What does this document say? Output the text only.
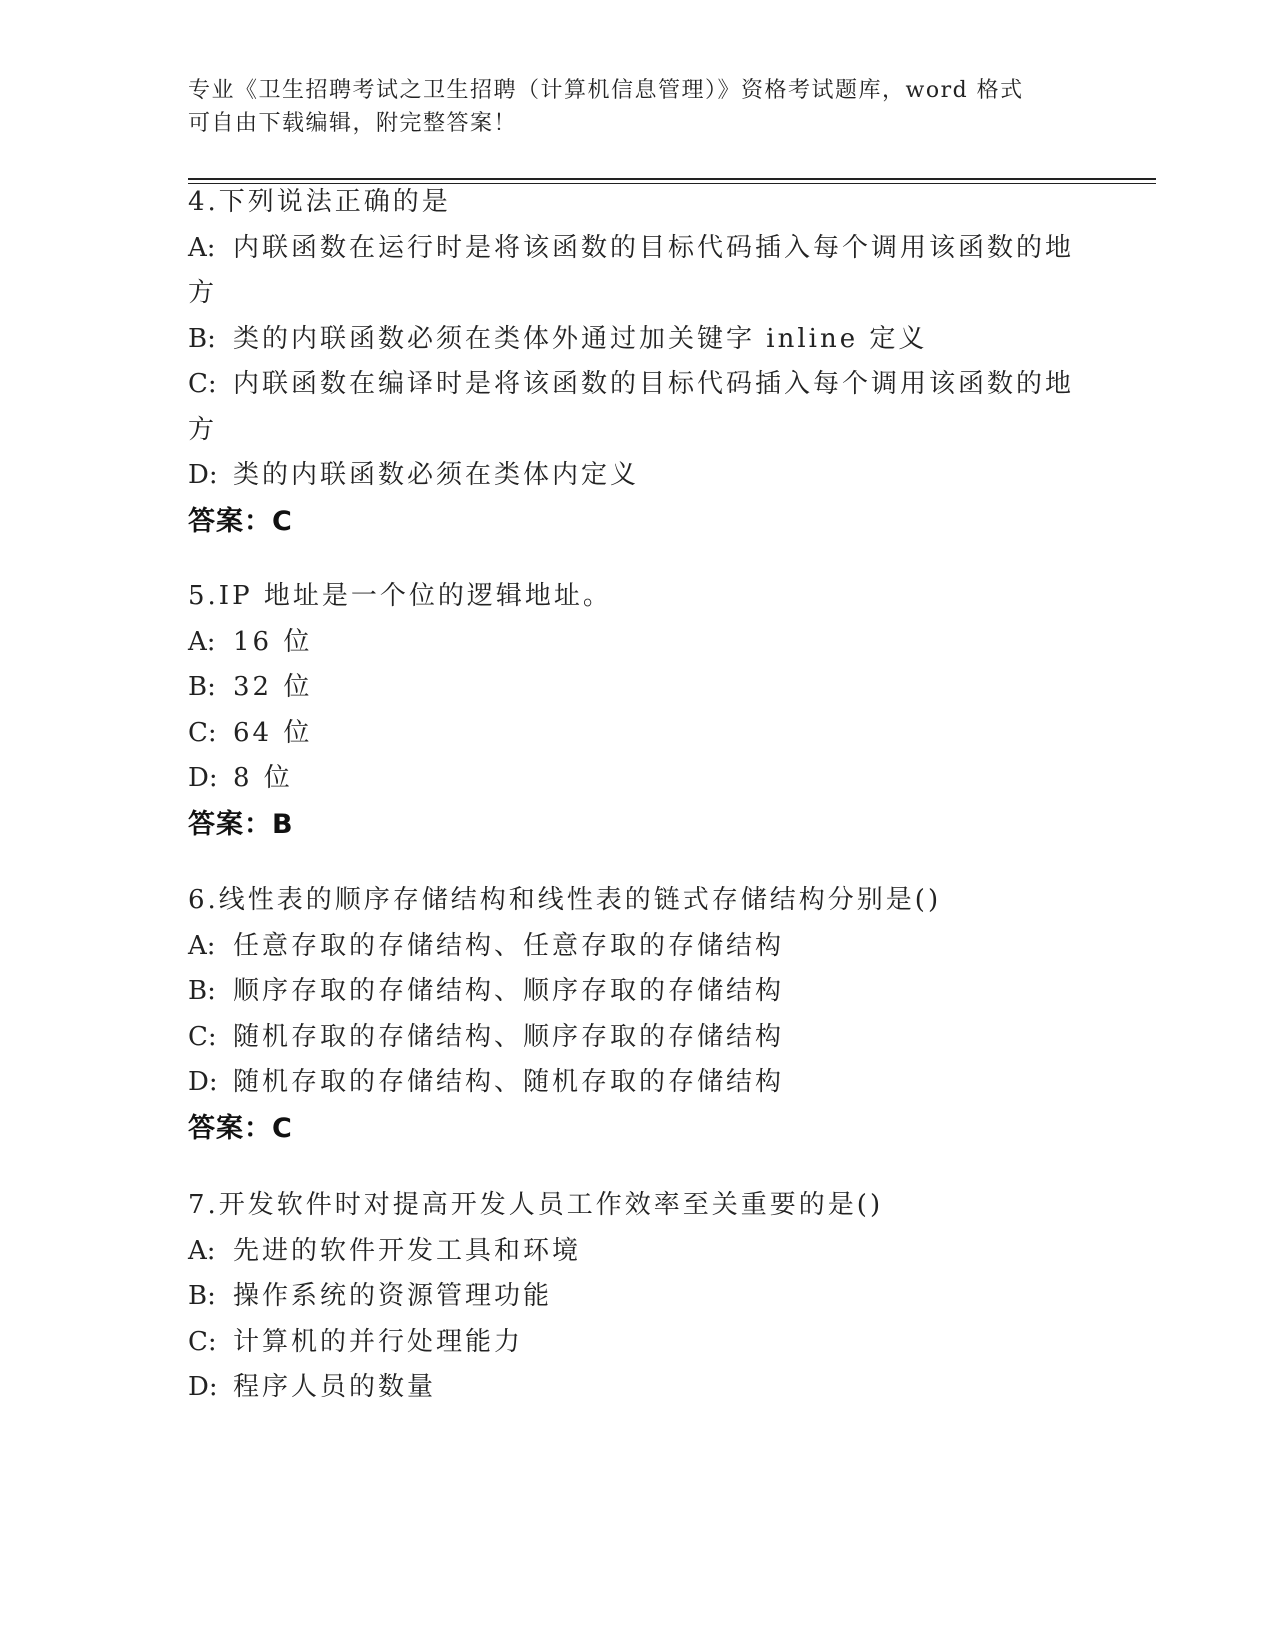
专业《卫生招聘考试之卫生招聘（计算机信息管理）》资格考试题库，word 格式
可自由下载编辑，附完整答案！
4.下列说法正确的是
A: 内联函数在运行时是将该函数的目标代码插入每个调用该函数的地方
B: 类的内联函数必须在类体外通过加关键字 inline 定义
C: 内联函数在编译时是将该函数的目标代码插入每个调用该函数的地方
D: 类的内联函数必须在类体内定义
答案：C
5.IP 地址是一个位的逻辑地址。
A: 16 位
B: 32 位
C: 64 位
D: 8 位
答案：B
6.线性表的顺序存储结构和线性表的链式存储结构分别是()
A: 任意存取的存储结构、任意存取的存储结构
B: 顺序存取的存储结构、顺序存取的存储结构
C: 随机存取的存储结构、顺序存取的存储结构
D: 随机存取的存储结构、随机存取的存储结构
答案：C
7.开发软件时对提高开发人员工作效率至关重要的是()
A: 先进的软件开发工具和环境
B: 操作系统的资源管理功能
C: 计算机的并行处理能力
D: 程序人员的数量
